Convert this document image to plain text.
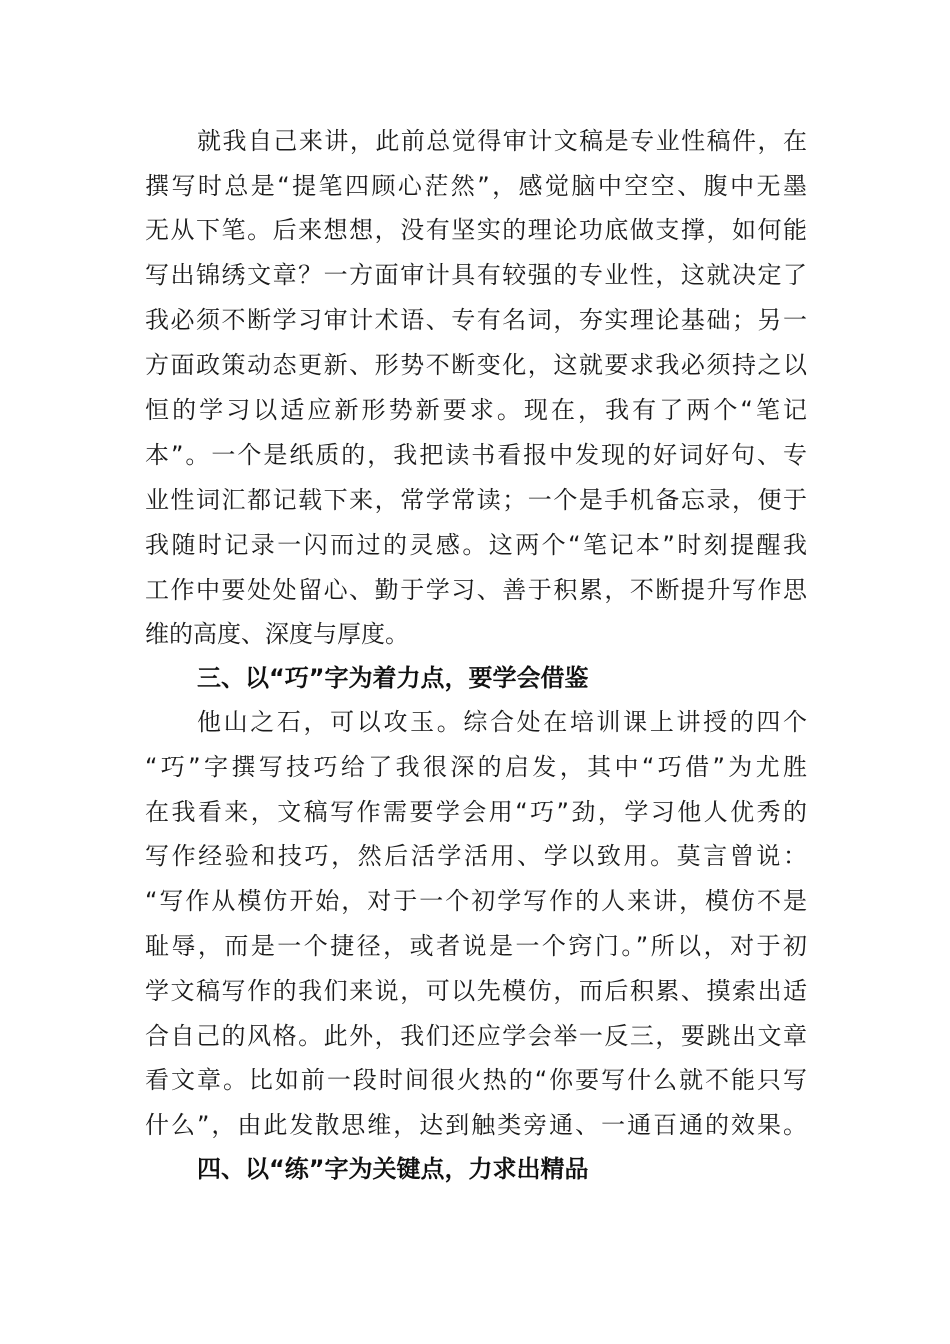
就我自己来讲，此前总觉得审计文稿是专业性稿件，在
撰写时总是“提笔四顾心茫然”，感觉脑中空空、腹中无墨
无从下笔。后来想想，没有坚实的理论功底做支撑，如何能
写出锦绣文章？一方面审计具有较强的专业性，这就决定了
我必须不断学习审计术语、专有名词，夯实理论基础；另一
方面政策动态更新、形势不断变化，这就要求我必须持之以
恒的学习以适应新形势新要求。现在，我有了两个“笔记
本”。一个是纸质的，我把读书看报中发现的好词好句、专
业性词汇都记载下来，常学常读；一个是手机备忘录，便于
我随时记录一闪而过的灵感。这两个“笔记本”时刻提醒我
工作中要处处留心、勤于学习、善于积累，不断提升写作思
维的高度、深度与厚度。
三、以“巧”字为着力点，要学会借鉴
他山之石，可以攻玉。综合处在培训课上讲授的四个
“巧”字撰写技巧给了我很深的启发，其中“巧借”为尤胜
在我看来，文稿写作需要学会用“巧”劲，学习他人优秀的
写作经验和技巧，然后活学活用、学以致用。莫言曾说：
“写作从模仿开始，对于一个初学写作的人来讲，模仿不是
耻辱，而是一个捷径，或者说是一个窍门。”所以，对于初
学文稿写作的我们来说，可以先模仿，而后积累、摸索出适
合自己的风格。此外，我们还应学会举一反三，要跳出文章
看文章。比如前一段时间很火热的“你要写什么就不能只写
什么”，由此发散思维，达到触类旁通、一通百通的效果。
四、以“练”字为关键点，力求出精品
